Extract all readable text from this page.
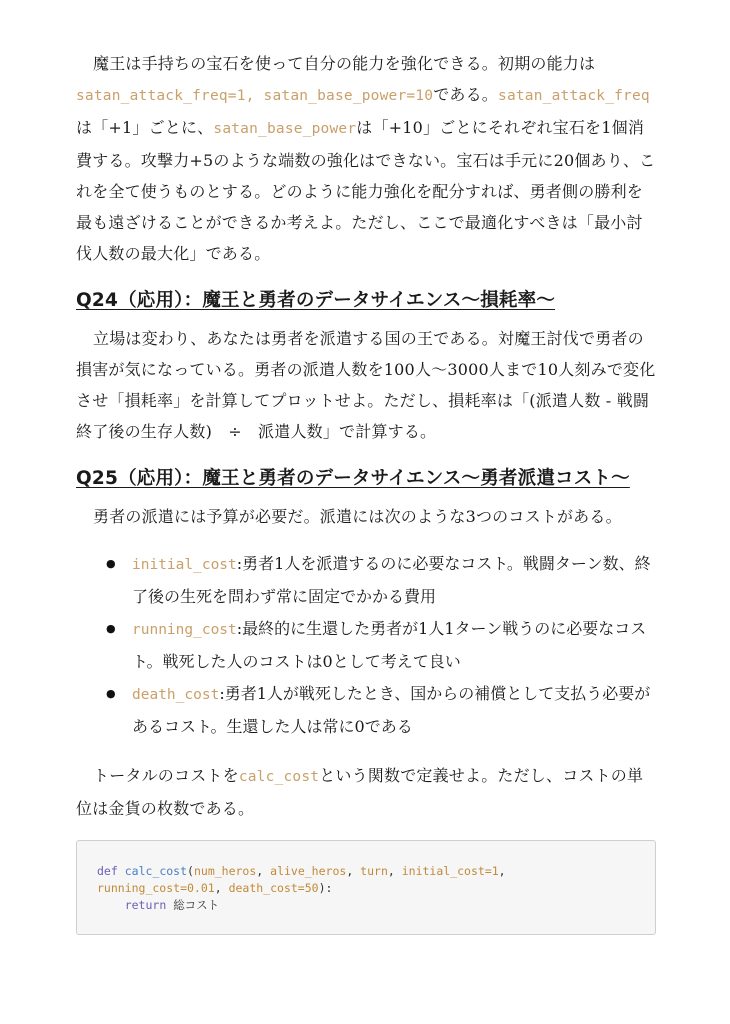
魔王は手持ちの宝石を使って自分の能力を強化できる。初期の能力はsatan_attack_freq=1, satan_base_power=10である。satan_attack_freqは「+1」ごとに、satan_base_powerは「+10」ごとにそれぞれ宝石を1個消費する。攻撃力+5のような端数の強化はできない。宝石は手元に20個あり、これを全て使うものとする。どのように能力強化を配分すれば、勇者側の勝利を最も遠ざけることができるか考えよ。ただし、ここで最適化すべきは「最小討伐人数の最大化」である。

Q24（応用）：魔王と勇者のデータサイエンス〜損耗率〜

立場は変わり、あなたは勇者を派遣する国の王である。対魔王討伐で勇者の損害が気になっている。勇者の派遣人数を100人〜3000人まで10人刻みで変化させ「損耗率」を計算してプロットせよ。ただし、損耗率は「(派遣人数 - 戦闘終了後の生存人数)　÷　派遣人数」で計算する。

Q25（応用）：魔王と勇者のデータサイエンス〜勇者派遣コスト〜

勇者の派遣には予算が必要だ。派遣には次のような3つのコストがある。

● initial_cost:勇者1人を派遣するのに必要なコスト。戦闘ターン数、終了後の生死を問わず常に固定でかかる費用
● running_cost:最終的に生還した勇者が1人1ターン戦うのに必要なコスト。戦死した人のコストは0として考えて良い
● death_cost:勇者1人が戦死したとき、国からの補償として支払う必要があるコスト。生還した人は常に0である

トータルのコストをcalc_costという関数で定義せよ。ただし、コストの単位は金貨の枚数である。

def calc_cost(num_heros, alive_heros, turn, initial_cost=1,
running_cost=0.01, death_cost=50):
return 総コスト
